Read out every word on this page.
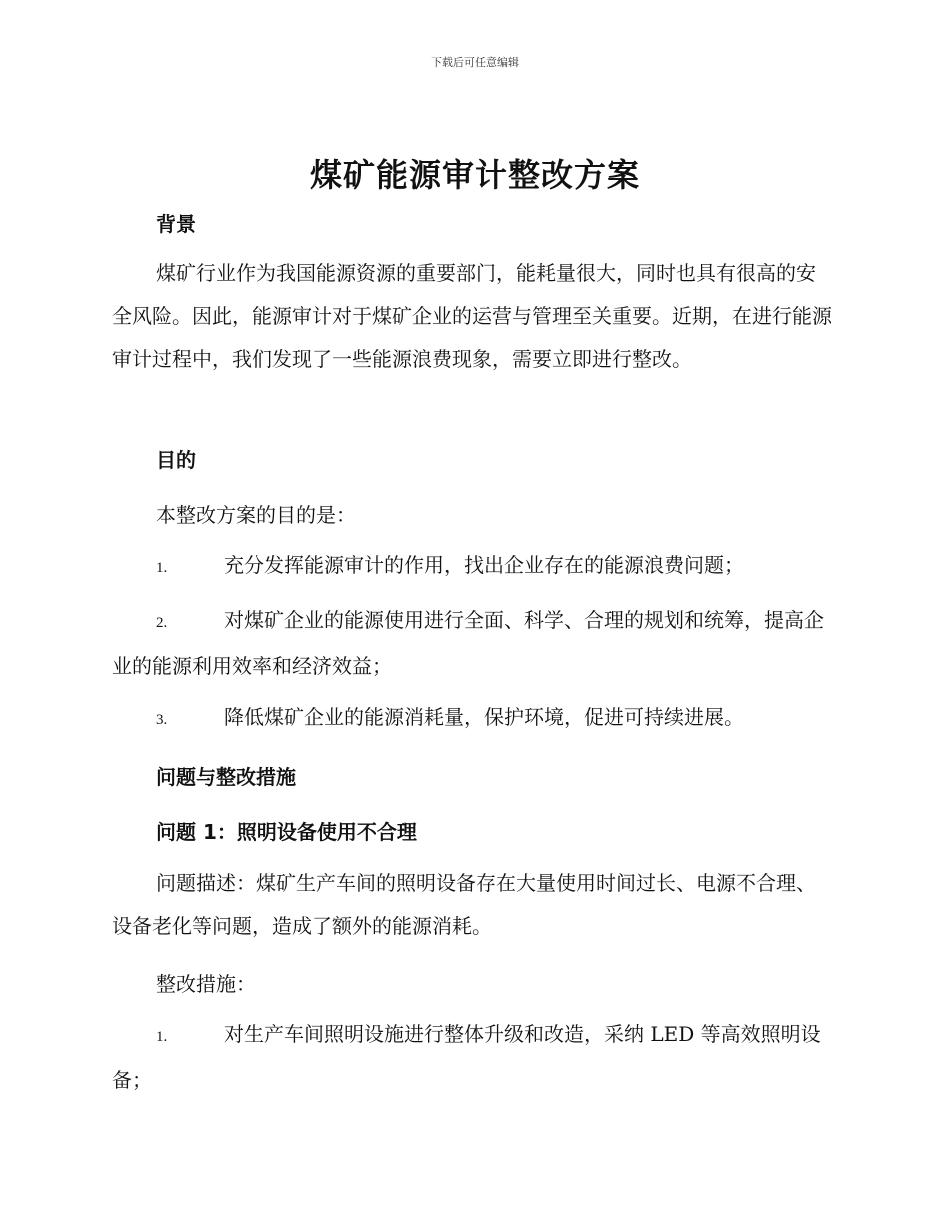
下载后可任意编辑
煤矿能源审计整改方案
背景

煤矿行业作为我国能源资源的重要部门，能耗量很大，同时也具有很高的安全风险。因此，能源审计对于煤矿企业的运营与管理至关重要。近期，在进行能源审计过程中，我们发现了一些能源浪费现象，需要立即进行整改。

目的

本整改方案的目的是：

1.	充分发挥能源审计的作用，找出企业存在的能源浪费问题；

2.	对煤矿企业的能源使用进行全面、科学、合理的规划和统筹，提高企业的能源利用效率和经济效益；

3.	降低煤矿企业的能源消耗量，保护环境，促进可持续进展。

问题与整改措施
问题 1：照明设备使用不合理

问题描述：煤矿生产车间的照明设备存在大量使用时间过长、电源不合理、设备老化等问题，造成了额外的能源消耗。

整改措施：

1.	对生产车间照明设施进行整体升级和改造，采纳 LED 等高效照明设备；
